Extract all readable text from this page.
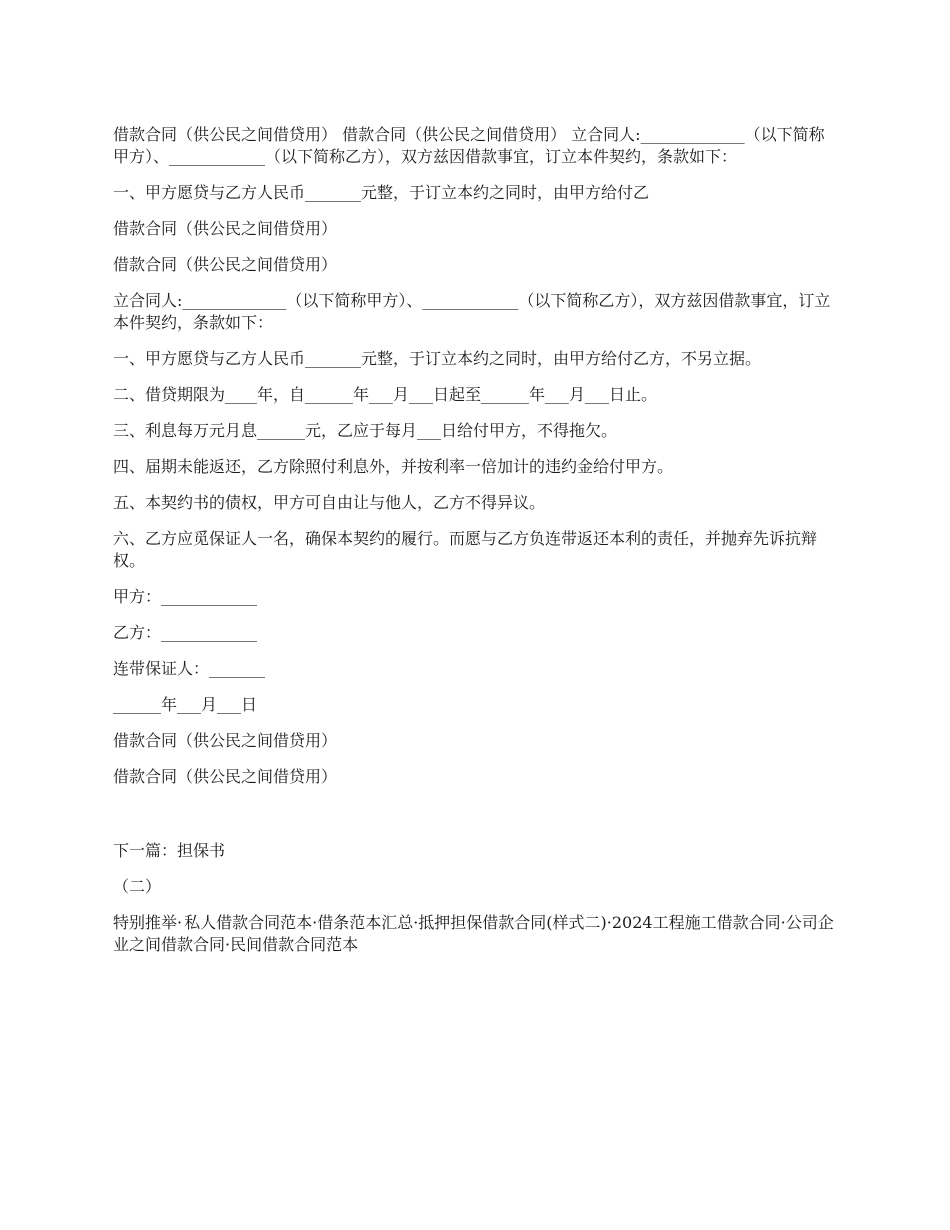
借款合同（供公民之间借贷用） 借款合同（供公民之间借贷用） 立合同人:_____________（以下简称甲方）、____________（以下简称乙方），双方兹因借款事宜，订立本件契约，条款如下：

一、甲方愿贷与乙方人民币_______元整，于订立本约之同时，由甲方给付乙

借款合同（供公民之间借贷用）

借款合同（供公民之间借贷用）

立合同人:_____________（以下简称甲方）、____________（以下简称乙方），双方兹因借款事宜，订立本件契约，条款如下：

一、甲方愿贷与乙方人民币_______元整，于订立本约之同时，由甲方给付乙方，不另立据。

二、借贷期限为____年，自______年___月___日起至______年___月___日止。

三、利息每万元月息______元，乙应于每月___日给付甲方，不得拖欠。

四、届期未能返还，乙方除照付利息外，并按利率一倍加计的违约金给付甲方。

五、本契约书的债权，甲方可自由让与他人，乙方不得异议。

六、乙方应觅保证人一名，确保本契约的履行。而愿与乙方负连带返还本利的责任，并抛弃先诉抗辩权。

甲方：____________

乙方：____________

连带保证人：_______

______年___月___日

借款合同（供公民之间借贷用）

借款合同（供公民之间借贷用）

下一篇：担保书

（二）

特别推举· 私人借款合同范本·借条范本汇总·抵押担保借款合同(样式二)·2024工程施工借款合同·公司企业之间借款合同·民间借款合同范本
